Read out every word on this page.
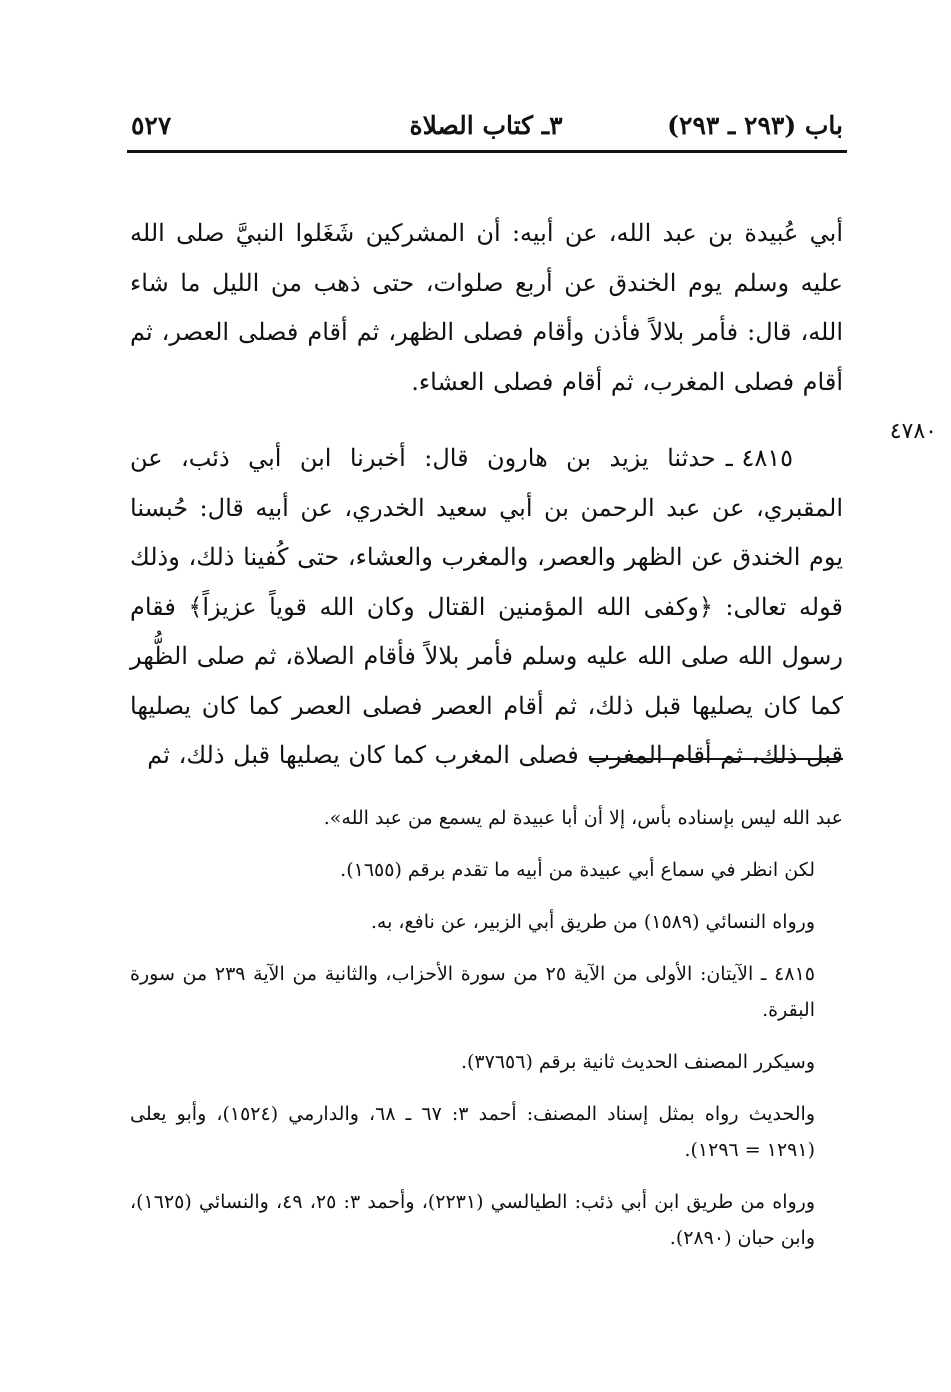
٥٢٧	٣ـ كتاب الصلاة	باب (٢٩٣ ـ ٢٩٣)

أبي عُبيدة بن عبد الله، عن أبيه: أن المشركين شَغَلوا النبيَّ صلى الله عليه وسلم يوم الخندق عن أربع صلوات، حتى ذهب من الليل ما شاء الله، قال: فأمر بلالاً فأذن وأقام فصلى الظهر، ثم أقام فصلى العصر، ثم أقام فصلى المغرب، ثم أقام فصلى العشاء.

٤٧٨٠

٤٨١٥ ـحدثنا يزيد بن هارون قال: أخبرنا ابن أبي ذئب، عن المقبري، عن عبد الرحمن بن أبي سعيد الخدري، عن أبيه قال: حُبسنا يوم الخندق عن الظهر والعصر، والمغرب والعشاء، حتى كُفينا ذلك، وذلك قوله تعالى: ﴿وكفى الله المؤمنين القتال وكان الله قوياً عزيزاً﴾ فقام رسول الله صلى الله عليه وسلم فأمر بلالاً فأقام الصلاة، ثم صلى الظُّهر كما كان يصليها قبل ذلك، ثم أقام العصر فصلى العصر كما كان يصليها قبل ذلك، ثم أقام المغرب فصلى المغرب كما كان يصليها قبل ذلك، ثم

عبد الله ليس بإسناده بأس، إلا أن أبا عبيدة لم يسمع من عبد الله».

لكن انظر في سماع أبي عبيدة من أبيه ما تقدم برقم (١٦٥٥).

ورواه النسائي (١٥٨٩) من طريق أبي الزبير، عن نافع، به.

٤٨١٥ ـ الآيتان: الأولى من الآية ٢٥ من سورة الأحزاب، والثانية من الآية ٢٣٩ من سورة البقرة.

وسيكرر المصنف الحديث ثانية برقم (٣٧٦٥٦).

والحديث رواه بمثل إسناد المصنف: أحمد ٣: ٦٧ ـ ٦٨، والدارمي (١٥٢٤)، وأبو يعلى (١٢٩١ = ١٢٩٦).

ورواه من طريق ابن أبي ذئب: الطيالسي (٢٢٣١)، وأحمد ٣: ٢٥، ٤٩، والنسائي (١٦٢٥)، وابن حبان (٢٨٩٠).
